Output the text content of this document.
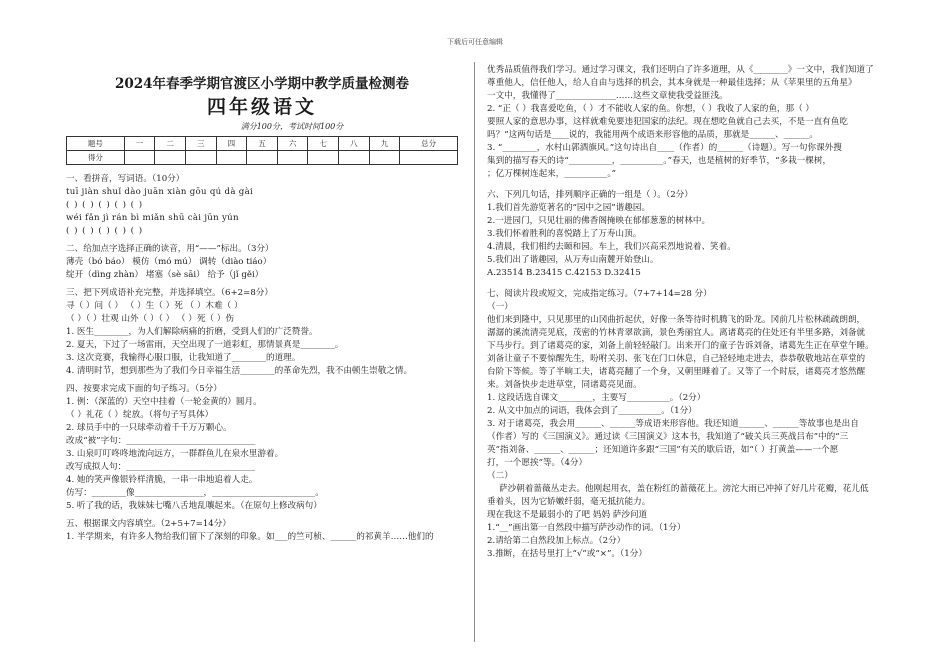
下载后可任意编辑
2024年春季学期官渡区小学期中教学质量检测卷
四年级语文
满分100分，考试时间100分
题号	一	二	三	四	五	六	七	八	九	总分
得分										

一、看拼音，写词语。（10分）

tuī jiàn shuǐ dào juān xiàn gōu qú dà gài

( ) ( ) ( ) ( ) ( )

wéi fǎn jì rán bì miǎn shū cài jūn yún

( ) ( ) ( ) ( ) ( )

二、给加点字选择正确的读音，用“——”标出。（3分）

薄壳（bó báo） 模仿（mó mú） 调转（diào tiáo）

绽开（dìng zhàn） 堵塞（sè sāi） 给予（jǐ gěi）

三、把下列成语补充完整，并选择填空。（6+2=8分）

寻（ ）问（ ） （ ）生（ ）死 （ ）木难（ ）

（ ）（ ）壮观 山外（ ）（ ） （ ）死（ ）伤

1. 医生________，为人们解除病痛的折磨，受到人们的广泛赞誉。

2. 夏天，下过了一场雷雨，天空出现了一道彩虹，那情景真是________。

3. 这次竞赛，我输得心服口服，让我知道了________的道理。

4. 清明时节，想到那些为了我们今日幸福生活________的革命先烈，我不由顿生崇敬之情。

四、按要求完成下面的句子练习。（5分）

1. 例：（深蓝的）天空中挂着（一轮金黄的）圆月。

（ ）礼花（ ）绽放。（将句子写具体）

2. 球员手中的一只球牵动着千千万万颗心。

改成“被”字句：______________________________

3. 山泉叮叮咚咚地流向远方，一群群鱼儿在泉水里游着。

改写成拟人句：______________________________

4. 她的笑声像银铃样清脆，一串一串地追着人走。

仿写：________像________________，________________________。

5. 听了我的话，我妹妹七嘴八舌地乱嚷起来。（在原句上修改病句）

五、根据课文内容填空。（2+5+7=14分）

1. 半学期来，有许多人物给我们留下了深刻的印象。如___的竺可桢、______的祁黄羊……他们的

优秀品质值得我们学习。通过学习课文，我们还明白了许多道理，从《________》一文中，我们知道了

尊重他人，信任他人，给人自由与选择的机会，其本身就是一种最佳选择；从《苹果里的五角星》

一文中，我懂得了______________……这些文章使我受益匪浅。

2. “正（ ）我喜爱吃鱼，（ ）才不能收人家的鱼。你想，（ ）我收了人家的鱼，那（ ）

要照人家的意思办事，这样就难免要违犯国家的法纪。现在想吃鱼就自己去买，不是一直有鱼吃

吗？”这两句话是____说的，我能用两个成语来形容他的品质，那就是______、______。

3. “________，水村山郭酒旗风。”这句诗出自____（作者）的______（诗题）。写一句你课外搜

集到的描写春天的诗“__________，__________。”春天，也是植树的好季节，“多栽一棵树，

；亿万棵树连起来，__________。”

六、下列几句话，排列顺序正确的一组是（ ）。（2分）

1.我们首先游览著名的“园中之园”谐趣园。

2.一进园门，只见壮丽的佛香阁掩映在郁郁葱葱的树林中。

3.我们怀着胜利的喜悦踏上了万寿山顶。

4.清晨，我们相约去颐和园。车上，我们兴高采烈地说着、笑着。

5.我们出了谐趣园，从万寿山南麓开始登山。

A.23514 B.23415 C.42153 D.32415

七、阅读片段或短文，完成指定练习。（7+7+14=28 分）

（一）

他们来到隆中，只见那里的山冈曲折起伏，好像一条等待时机腾飞的卧龙。冈前几片松林疏疏朗朗，

潺潺的溪流清亮见底，茂密的竹林青翠欲滴，景色秀丽宜人。离诸葛亮的住处还有半里多路，刘备就

下马步行。到了诸葛亮的家，刘备上前轻轻敲门。出来开门的童子告诉刘备，诸葛先生正在草堂午睡。

刘备让童子不要惊醒先生，吩咐关羽、张飞在门口休息，自己轻轻地走进去，恭恭敬敬地站在草堂的

台阶下等候。等了半晌工夫，诸葛亮翻了一个身，又朝里睡着了。又等了一个时辰，诸葛亮才悠然醒

来。刘备快步走进草堂，同诸葛亮见面。

1. 这段话选自课文________，主要写__________。（2分）

2. 从文中加点的词语，我体会到了__________。（1分）

3. 对于诸葛亮，我会用______、______等成语来形容他。我还知道______、______等故事也是出自

（作者）写的《三国演义》。通过读《三国演义》这本书，我知道了“破关兵三英战吕布”中的“三

英”指刘备、______、______；还知道许多跟“三国”有关的歇后语，如“（ ）打黄盖——一个愿

打，一个愿挨”等。（4分）

（二）

萨沙朝着蔷薇丛走去。他刚起用衣，盖在粉红的蔷薇花上。滂沱大雨已冲掉了好几片花瓣，花儿低

垂着头，因为它娇嫩纤弱，毫无抵抗能力。

现在我这不是最弱小的了吧 妈妈 萨沙问道

1.“__”画出第一自然段中描写萨沙动作的词。（1分）

2.请给第二自然段加上标点。（2分）

3.推断，在括号里打上“√”或“×”。（1分）
